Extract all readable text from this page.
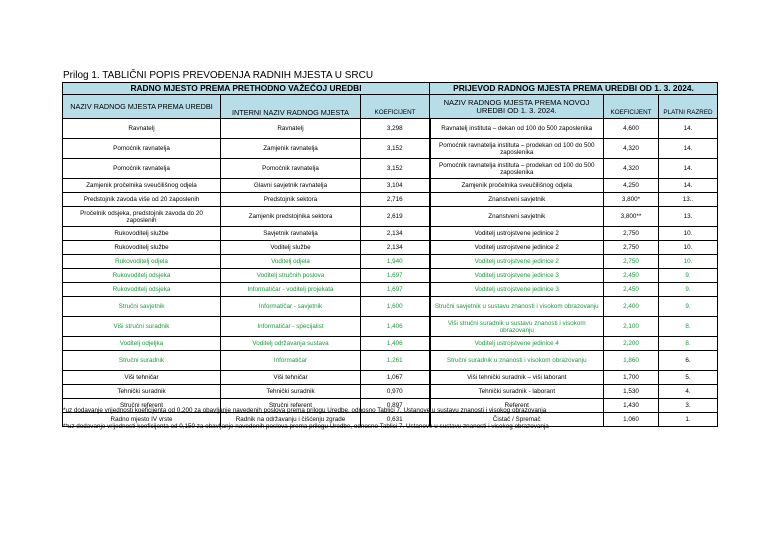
Prilog 1. TABLIČNI POPIS PREVOĐENJA RADNIH MJESTA U SRCU
RADNO MJESTO PREMA PRETHODNO VAŽEĆOJ UREDBI			PRIJEVOD RADNOG MJESTA PREMA UREDBI OD 1. 3. 2024.		
NAZIV RADNOG MJESTA PREMA UREDBI	INTERNI NAZIV RADNOG MJESTA	KOEFICIJENT	NAZIV RADNOG MJESTA PREMA NOVOJ UREDBI OD 1. 3. 2024.	KOEFICIJENT	PLATNI RAZRED
Ravnatelj	Ravnatelj	3,298	Ravnatelj instituta – dekan od 100 do 500 zaposlenika	4,600	14.
Pomoćnik ravnatelja	Zamjenik ravnatelja	3,152	Pomoćnik ravnatelja instituta – prodekan od 100 do 500 zaposlenika	4,320	14.
Pomoćnik ravnatelja	Pomoćnik ravnatelja	3,152	Pomoćnik ravnatelja instituta – prodekan od 100 do 500 zaposlenika	4,320	14.
Zamjenik pročelnika sveučilišnog odjela	Glavni savjetnik ravnatelja	3,104	Zamjenik pročelnika sveučilišnog odjela	4,250	14.
Predstojnik zavoda više od 20 zaposlenih	Predstojnik sektora	2,716	Znanstveni savjetnik	3,800*	13..
Pročelnik odsjeka, predstojnik zavoda do 20 zaposlenih	Zamjenik predstojnika sektora	2,619	Znanstveni savjetnik	3,800**	13.
Rukovoditelj službe	Savjetnik ravnatelja	2,134	Voditelj ustrojstvene jedinice 2	2,750	10.
Rukovoditelj službe	Voditelj službe	2,134	Voditelj ustrojstvene jedinice 2	2,750	10.
Rukovoditelj odjela	Voditelj odjela	1,940	Voditelj ustrojstvene jedinice 2	2,750	10.
Rukovoditelj odsjeka	Voditelj stručnih poslova	1,697	Voditelj ustrojstvene jedinice 3	2,450	9.
Rukovoditelj odsjeka	Informatičar - voditelj projekata	1,697	Voditelj ustrojstvene jedinice 3	2,450	9.
Stručni savjetnik	Informatičar - savjetnik	1,600	Stručni savjetnik u sustavu znanosti i visokom obrazovanju	2,400	9.
Viši stručni suradnik	Informatičar - specijalist	1,406	Viši stručni suradnik u sustavu znanosti i visokom obrazovanju	2,100	8.
Voditelj odjeljka	Voditelj održavanja sustava	1,406	Voditelj ustrojstvene jedinice 4	2,200	8.
Stručni suradnik	Informatičar	1,261	Stručni suradnik u znanosti i visokom obrazovanju	1,860	6.
Viši tehničar	Viši tehničar	1,067	Viši tehnički suradnik – viši laborant	1,700	5.
Tehnički suradnik	Tehnički suradnik	0,970	Tehnički suradnik - laborant	1,530	4.
Stručni referent	Stručni referent	0,897	Referent	1,430	3.
Radno mjesto IV vrste	Radnik na održavanju i čišćenju zgrade	0,631	Čistač / Spremač	1,060	1.
*uz dodavanje vrijednosti koeficijenta od 0,200 za obavljanje navedenih poslova prema prilogu Uredbe, odnosno Tablici 7. Ustanove u sustavu znanosti i visokog obrazovanja
**uz dodavanje vrijednosti koeficijenta od 0,150 za obavljanje navedenih poslova prema prilogu Uredbe, odnosno Tablici 7. Ustanove u sustavu znanosti i visokog obrazovanja
